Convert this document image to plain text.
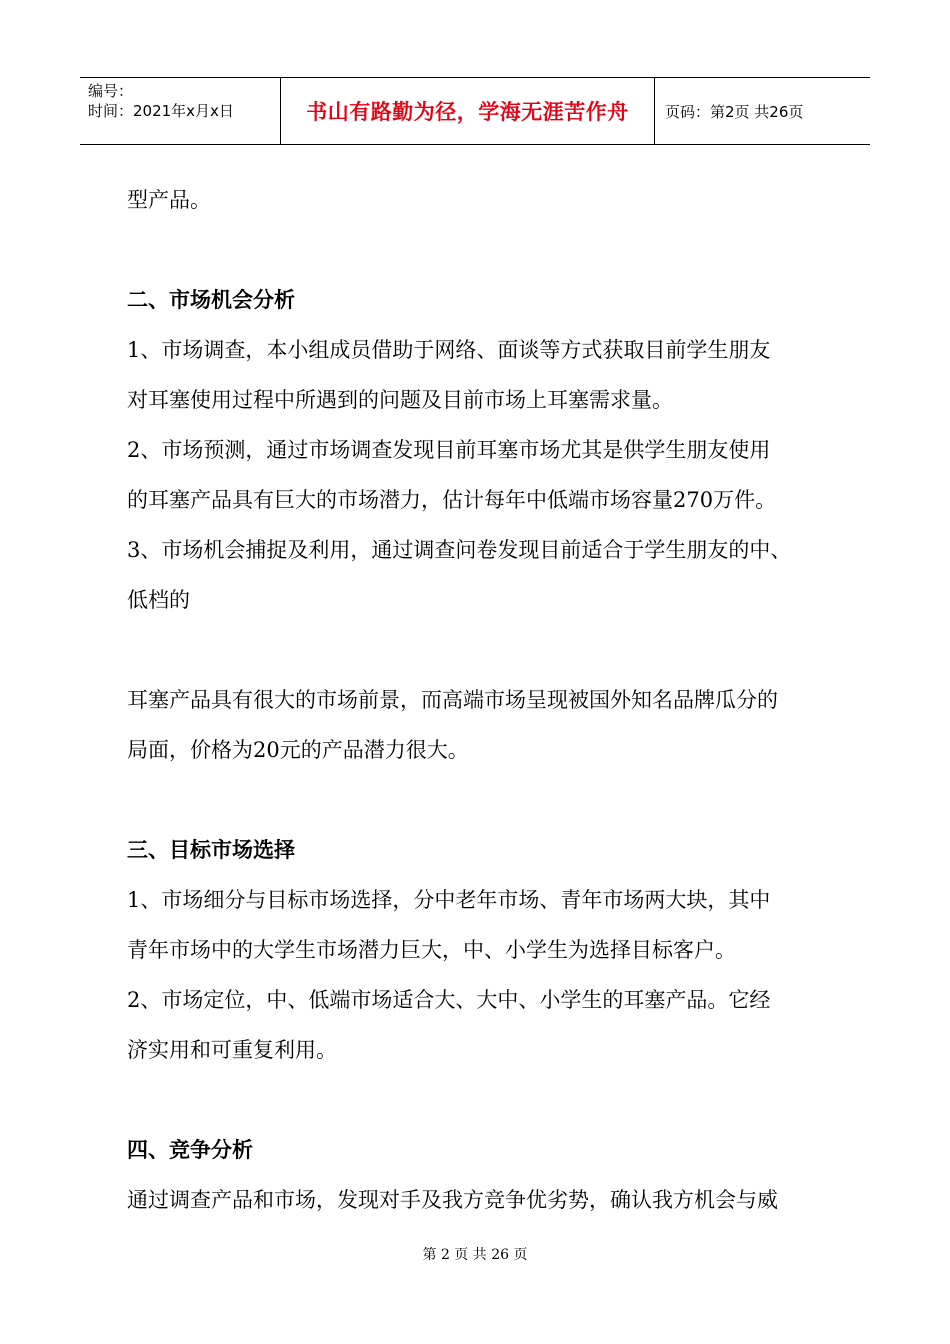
编号：
时间：2021年x月x日	书山有路勤为径，学海无涯苦作舟	页码：第2页 共26页

型产品。

二、市场机会分析

1、市场调查，本小组成员借助于网络、面谈等方式获取目前学生朋友

对耳塞使用过程中所遇到的问题及目前市场上耳塞需求量。

2、市场预测，通过市场调查发现目前耳塞市场尤其是供学生朋友使用

的耳塞产品具有巨大的市场潜力，估计每年中低端市场容量270万件。

3、市场机会捕捉及利用，通过调查问卷发现目前适合于学生朋友的中、

低档的

耳塞产品具有很大的市场前景，而高端市场呈现被国外知名品牌瓜分的

局面，价格为20元的产品潜力很大。

三、目标市场选择

1、市场细分与目标市场选择，分中老年市场、青年市场两大块，其中

青年市场中的大学生市场潜力巨大，中、小学生为选择目标客户。

2、市场定位，中、低端市场适合大、大中、小学生的耳塞产品。它经

济实用和可重复利用。

四、竞争分析

通过调查产品和市场，发现对手及我方竞争优劣势，确认我方机会与威

第 2 页 共 26 页
